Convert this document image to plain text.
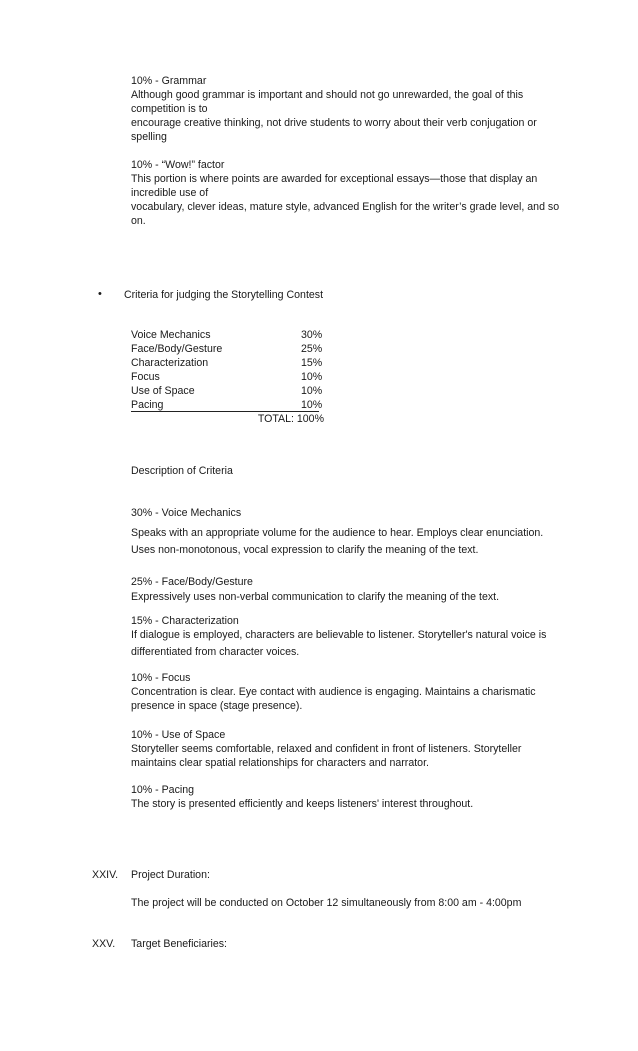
10% - Grammar
Although good grammar is important and should not go unrewarded, the goal of this
competition is to
encourage creative thinking, not drive students to worry about their verb conjugation or
spelling
10% - “Wow!” factor
This portion is where points are awarded for exceptional essays—those that display an
incredible use of
vocabulary, clever ideas, mature style, advanced English for the writer’s grade level, and so
on.
• Criteria for judging the Storytelling Contest
Voice Mechanics	30%
Face/Body/Gesture	25%
Characterization	15%
Focus	10%
Use of Space	10%
Pacing	10%
TOTAL: 100%
Description of Criteria
30% - Voice Mechanics
Speaks with an appropriate volume for the audience to hear. Employs clear enunciation.
Uses non-monotonous, vocal expression to clarify the meaning of the text.
25% - Face/Body/Gesture
Expressively uses non-verbal communication to clarify the meaning of the text.
15% - Characterization
If dialogue is employed, characters are believable to listener. Storyteller's natural voice is
differentiated from character voices.
10% - Focus
Concentration is clear. Eye contact with audience is engaging. Maintains a charismatic
presence in space (stage presence).
10% - Use of Space
Storyteller seems comfortable, relaxed and confident in front of listeners. Storyteller
maintains clear spatial relationships for characters and narrator.
10% - Pacing
The story is presented efficiently and keeps listeners' interest throughout.
XXIV. Project Duration:
The project will be conducted on October 12 simultaneously from 8:00 am - 4:00pm
XXV. Target Beneficiaries:
